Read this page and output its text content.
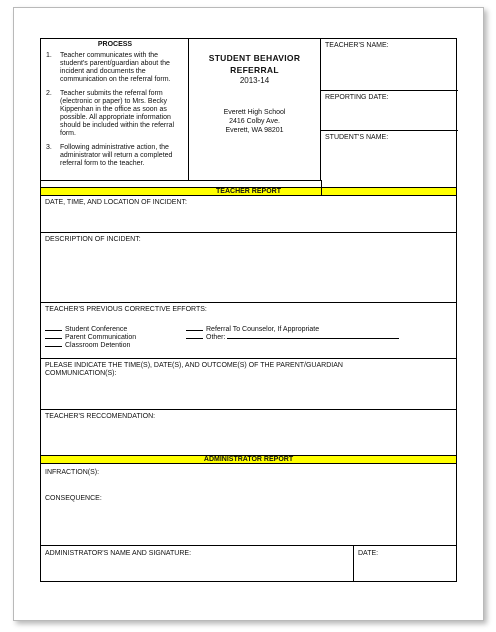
PROCESS
1. Teacher communicates with the
student's parent/guardian about the
incident and documents the
communication on the referral form.
2. Teacher submits the referral form
(electronic or paper) to Mrs. Becky
Kippenhan in the office as soon as
possible. All appropriate information
should be included within the referral
form.
3. Following administrative action, the
administrator will return a completed
referral form to the teacher.
STUDENT BEHAVIOR
REFERRAL
2013-14
Everett High School
2416 Colby Ave.
Everett, WA 98201
TEACHER'S NAME:
REPORTING DATE:
STUDENT'S NAME:
TEACHER REPORT
DATE, TIME, AND LOCATION OF INCIDENT:
DESCRIPTION OF INCIDENT:
TEACHER'S PREVIOUS CORRECTIVE EFFORTS:
Student Conference
Parent Communication
Classroom Detention
Referral To Counselor, If Appropriate
Other:
PLEASE INDICATE THE TIME(S), DATE(S), AND OUTCOME(S) OF THE PARENT/GUARDIAN
COMMUNICATION(S):
TEACHER'S RECCOMENDATION:
ADMINISTRATOR REPORT
INFRACTION(S):
CONSEQUENCE:
ADMINISTRATOR'S NAME AND SIGNATURE:	DATE:
